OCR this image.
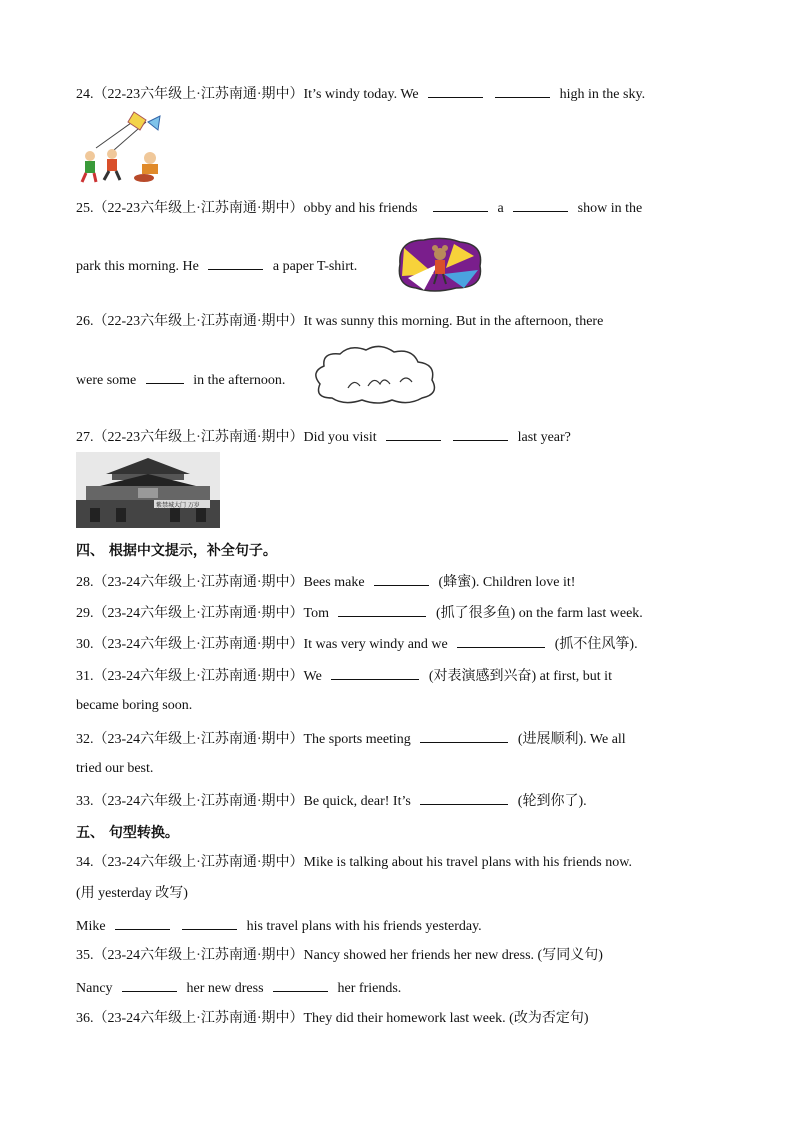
24.（22-23六年级上·江苏南通·期中）It’s windy today. We	high in the sky.
25.（22-23六年级上·江苏南通·期中）obby and his friends	a	show in the
park this morning. He	a paper T-shirt.
26.（22-23六年级上·江苏南通·期中）It was sunny this morning. But in the afternoon, there
were some	in the afternoon.
27.（22-23六年级上·江苏南通·期中）Did you visit	last year?
紫禁城大门 万岁
四、 根据中文提示，补全句子。
28.（23-24六年级上·江苏南通·期中）Bees make	(蜂蜜). Children love it!
29.（23-24六年级上·江苏南通·期中）Tom	(抓了很多鱼) on the farm last week.
30.（23-24六年级上·江苏南通·期中）It was very windy and we	(抓不住风筝).
31.（23-24六年级上·江苏南通·期中）We	(对表演感到兴奋) at first, but it
became boring soon.
32.（23-24六年级上·江苏南通·期中）The sports meeting	(进展顺利). We all
tried our best.
33.（23-24六年级上·江苏南通·期中）Be quick, dear! It’s	(轮到你了).
五、 句型转换。
34.（23-24六年级上·江苏南通·期中）Mike is talking about his travel plans with his friends now.
(用 yesterday 改写)
Mike	his travel plans with his friends yesterday.
35.（23-24六年级上·江苏南通·期中）Nancy showed her friends her new dress. (写同义句)
Nancy	her new dress	her friends.
36.（23-24六年级上·江苏南通·期中）They did their homework last week. (改为否定句)
